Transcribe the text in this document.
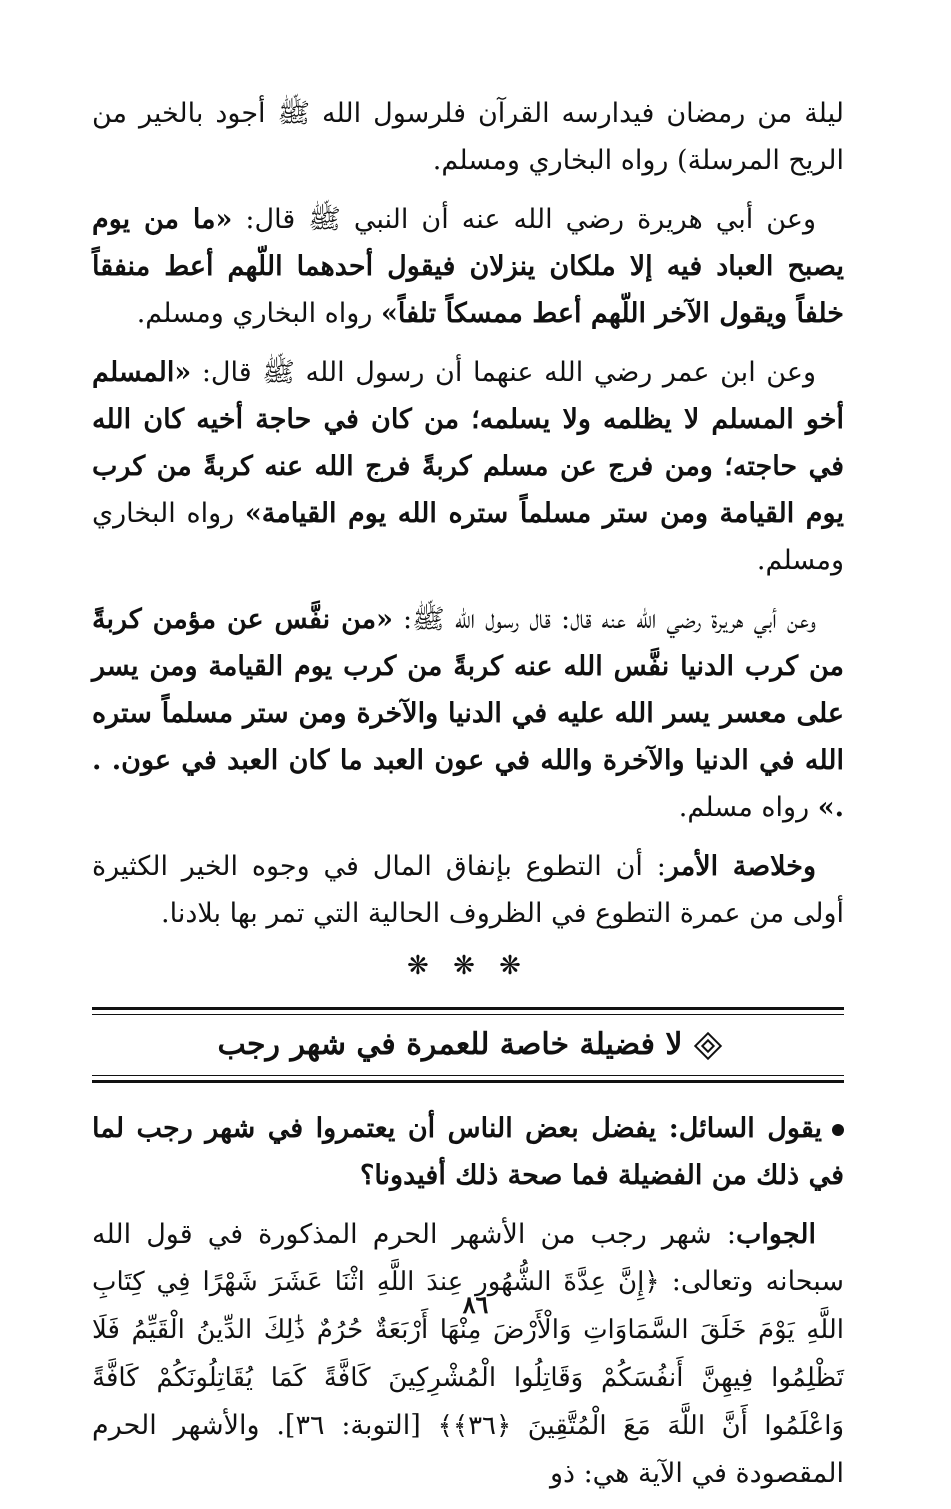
ليلة من رمضان فيدارسه القرآن فلرسول الله ﷺ أجود بالخير من الريح المرسلة) رواه البخاري ومسلم.

وعن أبي هريرة رضي الله عنه أن النبي ﷺ قال: «ما من يوم يصبح العباد فيه إلا ملكان ينزلان فيقول أحدهما اللّهم أعط منفقاً خلفاً ويقول الآخر اللّهم أعط ممسكاً تلفاً» رواه البخاري ومسلم.

وعن ابن عمر رضي الله عنهما أن رسول الله ﷺ قال: «المسلم أخو المسلم لا يظلمه ولا يسلمه؛ من كان في حاجة أخيه كان الله في حاجته؛ ومن فرج عن مسلم كربةً فرج الله عنه كربةً من كرب يوم القيامة ومن ستر مسلماً ستره الله يوم القيامة» رواه البخاري ومسلم.

وعن أبي هريرة رضي الله عنه قال: قال رسول الله ﷺ: «من نفَّس عن مؤمن كربةً من كرب الدنيا نفَّس الله عنه كربةً من كرب يوم القيامة ومن يسر على معسر يسر الله عليه في الدنيا والآخرة ومن ستر مسلماً ستره الله في الدنيا والآخرة والله في عون العبد ما كان العبد في عون. . .» رواه مسلم.

وخلاصة الأمر: أن التطوع بإنفاق المال في وجوه الخير الكثيرة أولى من عمرة التطوع في الظروف الحالية التي تمر بها بلادنا.

❋ ❋ ❋
لا فضيلة خاصة للعمرة في شهر رجب

يقول السائل: يفضل بعض الناس أن يعتمروا في شهر رجب لما في ذلك من الفضيلة فما صحة ذلك أفيدونا؟

الجواب: شهر رجب من الأشهر الحرم المذكورة في قول الله سبحانه وتعالى: ﴿إِنَّ عِدَّةَ الشُّهُورِ عِندَ اللَّهِ اثْنَا عَشَرَ شَهْرًا فِي كِتَابِ اللَّهِ يَوْمَ خَلَقَ السَّمَاوَاتِ وَالْأَرْضَ مِنْهَا أَرْبَعَةٌ حُرُمٌ ذَٰلِكَ الدِّينُ الْقَيِّمُ فَلَا تَظْلِمُوا فِيهِنَّ أَنفُسَكُمْ وَقَاتِلُوا الْمُشْرِكِينَ كَافَّةً كَمَا يُقَاتِلُونَكُمْ كَافَّةً وَاعْلَمُوا أَنَّ اللَّهَ مَعَ الْمُتَّقِينَ ﴿٣٦﴾﴾ [التوبة: ٣٦]. والأشهر الحرم المقصودة في الآية هي: ذو

٨٦
